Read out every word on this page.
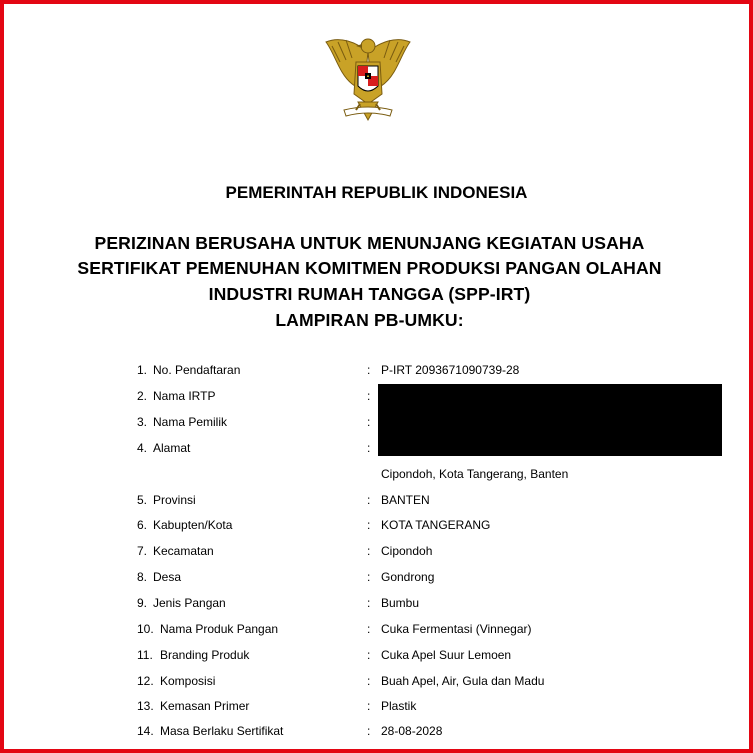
PEMERINTAH REPUBLIK INDONESIA
PERIZINAN BERUSAHA UNTUK MENUNJANG KEGIATAN USAHA
SERTIFIKAT PEMENUHAN KOMITMEN PRODUKSI PANGAN OLAHAN
INDUSTRI RUMAH TANGGA (SPP-IRT)
LAMPIRAN PB-UMKU:
:
1. No. Pendaftaran	P-IRT 2093671090739-28
:
2. Nama IRTP
:
3. Nama Pemilik
:
4. Alamat
Cipondoh, Kota Tangerang, Banten
:
5. Provinsi	BANTEN
:
6. Kabupten/Kota	KOTA TANGERANG
:
7. Kecamatan	Cipondoh
:
8. Desa	Gondrong
:
9. Jenis Pangan	Bumbu
:
10. Nama Produk Pangan	Cuka Fermentasi (Vinnegar)
:
11. Branding Produk	Cuka Apel Suur Lemoen
:
12. Komposisi	Buah Apel, Air, Gula dan Madu
:
13. Kemasan Primer	Plastik
:
14. Masa Berlaku Sertifikat	28-08-2028
